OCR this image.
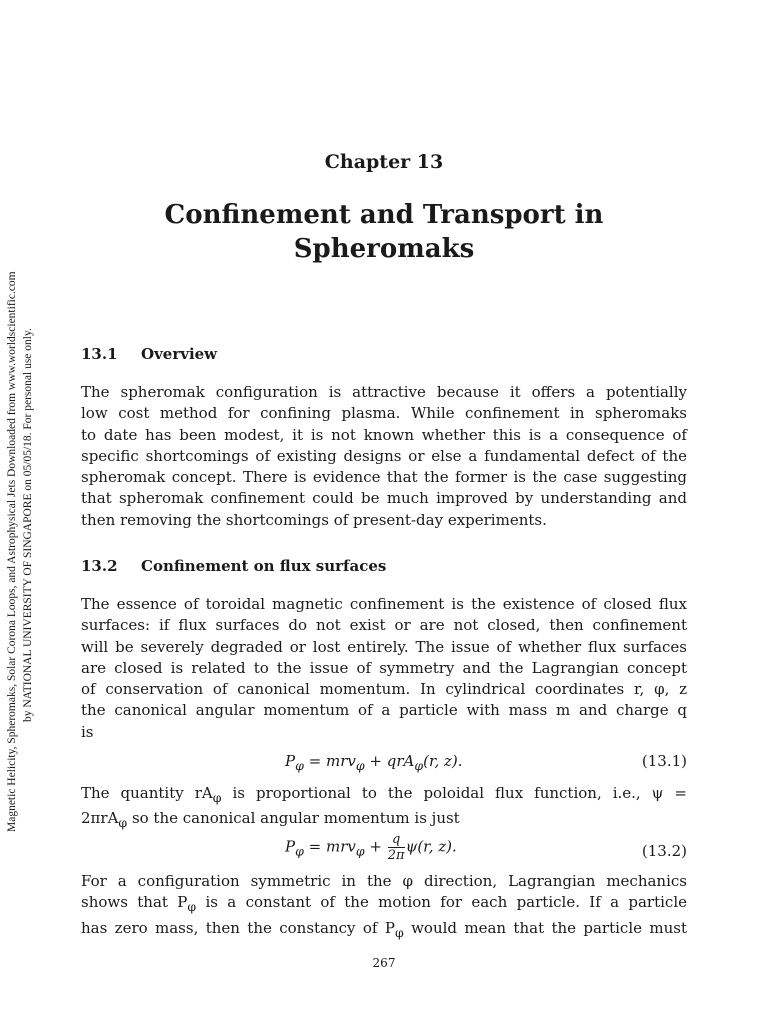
Magnetic Helicity, Spheromaks, Solar Corona Loops, and Astrophysical Jets Downloaded from www.worldscientific.com by NATIONAL UNIVERSITY OF SINGAPORE on 05/05/18. For personal use only.
Chapter 13
Confinement and Transport in
Spheromaks
13.1 Overview
The spheromak configuration is attractive because it offers a potentially
low cost method for confining plasma. While confinement in spheromaks
to date has been modest, it is not known whether this is a consequence of
specific shortcomings of existing designs or else a fundamental defect of the
spheromak concept. There is evidence that the former is the case suggesting
that spheromak confinement could be much improved by understanding and
then removing the shortcomings of present-day experiments.
13.2 Confinement on flux surfaces
The essence of toroidal magnetic confinement is the existence of closed flux
surfaces: if flux surfaces do not exist or are not closed, then confinement
will be severely degraded or lost entirely. The issue of whether flux surfaces
are closed is related to the issue of symmetry and the Lagrangian concept
of conservation of canonical momentum. In cylindrical coordinates r, φ, z
the canonical angular momentum of a particle with mass m and charge q
is
$P_\varphi = mrv_\varphi + qrA_\varphi(r$, z).	(13.1)
The quantity $rA_\varphi$ is proportional to the poloidal flux function, i.e., ψ =
2πrA$_\varphi$ so the canonical angular momentum is just
$P_\varphi = mrv_\varphi + \frac{q}{2\pi} \psi(r$, z).	(13.2)
For a configuration symmetric in the φ direction, Lagrangian mechanics
shows that $P_\varphi$ is a constant of the motion for each particle. If a particle
has zero mass, then the constancy of $P_\varphi$ would mean that the particle must
267
